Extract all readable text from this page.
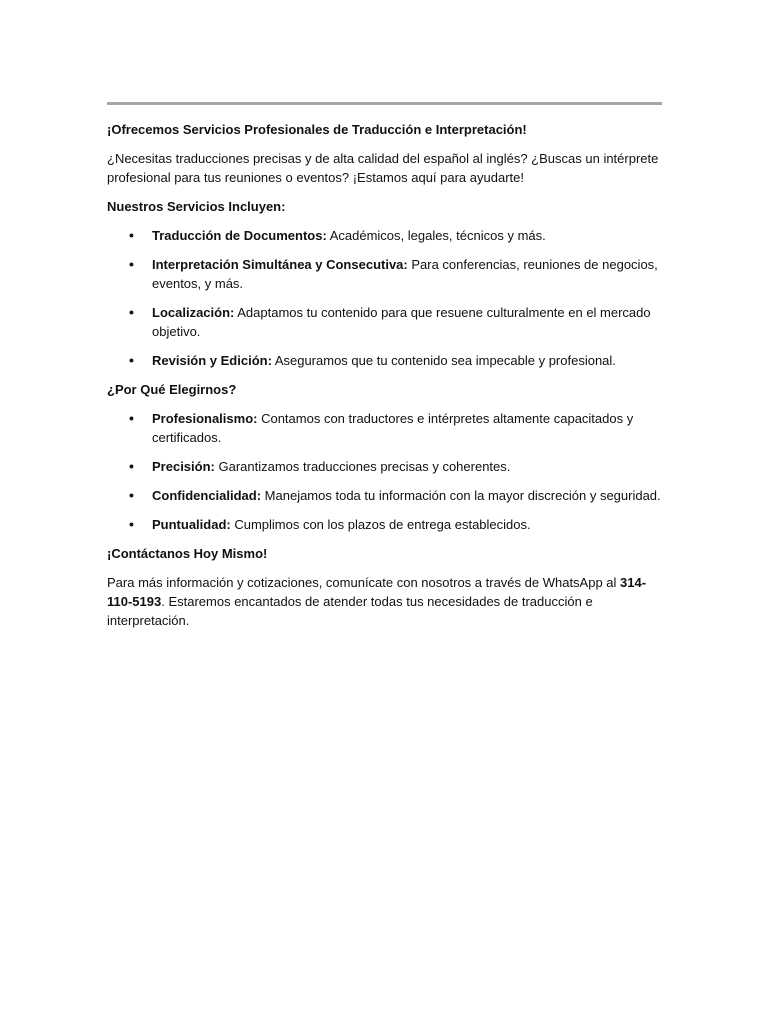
¡Ofrecemos Servicios Profesionales de Traducción e Interpretación!

¿Necesitas traducciones precisas y de alta calidad del español al inglés? ¿Buscas un intérprete profesional para tus reuniones o eventos? ¡Estamos aquí para ayudarte!

Nuestros Servicios Incluyen:

• Traducción de Documentos: Académicos, legales, técnicos y más.
• Interpretación Simultánea y Consecutiva: Para conferencias, reuniones de negocios, eventos, y más.
• Localización: Adaptamos tu contenido para que resuene culturalmente en el mercado objetivo.
• Revisión y Edición: Aseguramos que tu contenido sea impecable y profesional.

¿Por Qué Elegirnos?

• Profesionalismo: Contamos con traductores e intérpretes altamente capacitados y certificados.
• Precisión: Garantizamos traducciones precisas y coherentes.
• Confidencialidad: Manejamos toda tu información con la mayor discreción y seguridad.
• Puntualidad: Cumplimos con los plazos de entrega establecidos.

¡Contáctanos Hoy Mismo!

Para más información y cotizaciones, comunícate con nosotros a través de WhatsApp al 314-110-5193. Estaremos encantados de atender todas tus necesidades de traducción e interpretación.
